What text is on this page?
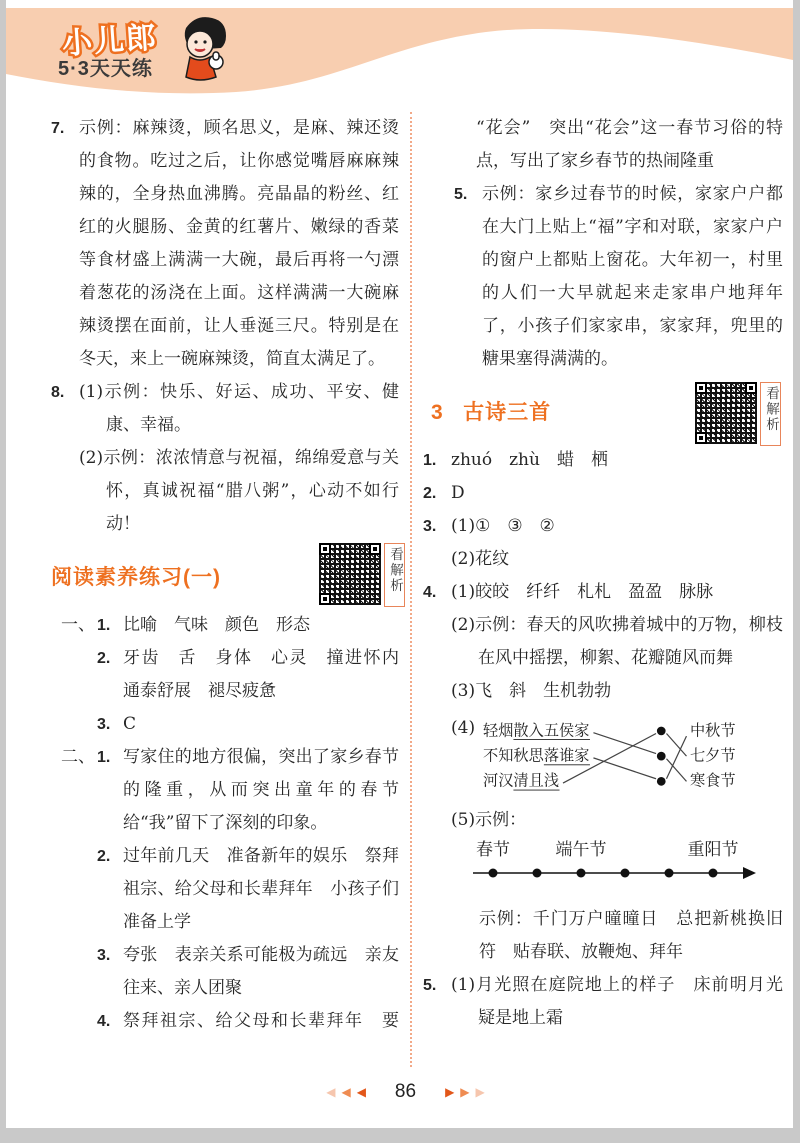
小儿郎
5·3天天练
7. 示例：麻辣烫，顾名思义，是麻、辣还烫的食物。吃过之后，让你感觉嘴唇麻麻辣辣的，全身热血沸腾。亮晶晶的粉丝、红红的火腿肠、金黄的红薯片、嫩绿的香菜等食材盛上满满一大碗，最后再将一勺漂着葱花的汤浇在上面。这样满满一大碗麻辣烫摆在面前，让人垂涎三尺。特别是在冬天，来上一碗麻辣烫，简直太满足了。
8. (1)示例：快乐、好运、成功、平安、健康、幸福。
(2)示例：浓浓情意与祝福，绵绵爱意与关怀，真诚祝福“腊八粥”，心动不如行动！
阅读素养练习(一)	看解析
一、 1. 比喻　气味　颜色　形态
2. 牙齿　舌　身体　心灵　撞进怀内　通泰舒展　褪尽疲惫
3. C
二、 1. 写家住的地方很偏，突出了家乡春节的隆重，从而突出童年的春节给“我”留下了深刻的印象。
2. 过年前几天　准备新年的娱乐　祭拜祖宗、给父母和长辈拜年　小孩子们准备上学
3. 夸张　表亲关系可能极为疏远　亲友往来、亲人团聚
4. 祭拜祖宗、给父母和长辈拜年　要
“花会”　突出“花会”这一春节习俗的特点，写出了家乡春节的热闹隆重
5. 示例：家乡过春节的时候，家家户户都在大门上贴上“福”字和对联，家家户户的窗户上都贴上窗花。大年初一，村里的人们一大早就起来走家串户地拜年了，小孩子们家家串，家家拜，兜里的糖果塞得满满的。
3 古诗三首	看解析
1. zhuó　zhù　蜡　栖
2. D
3. (1)①　③　②
(2)花纹
4. (1)皎皎　纤纤　札札　盈盈　脉脉
(2)示例：春天的风吹拂着城中的万物，柳枝在风中摇摆，柳絮、花瓣随风而舞
(3)飞　斜　生机勃勃
(4) 轻烟 散入五侯家
不知秋思 落谁家
河汉 清且浅
中秋节
七夕节
寒食节
(5)示例：
春节	端午节	重阳节
示例：千门万户曈曈日　总把新桃换旧符　贴春联、放鞭炮、拜年
5. (1)月光照在庭院地上的样子　床前明月光　疑是地上霜
◀ ◀ ◀ 86 ▶ ▶ ▶
